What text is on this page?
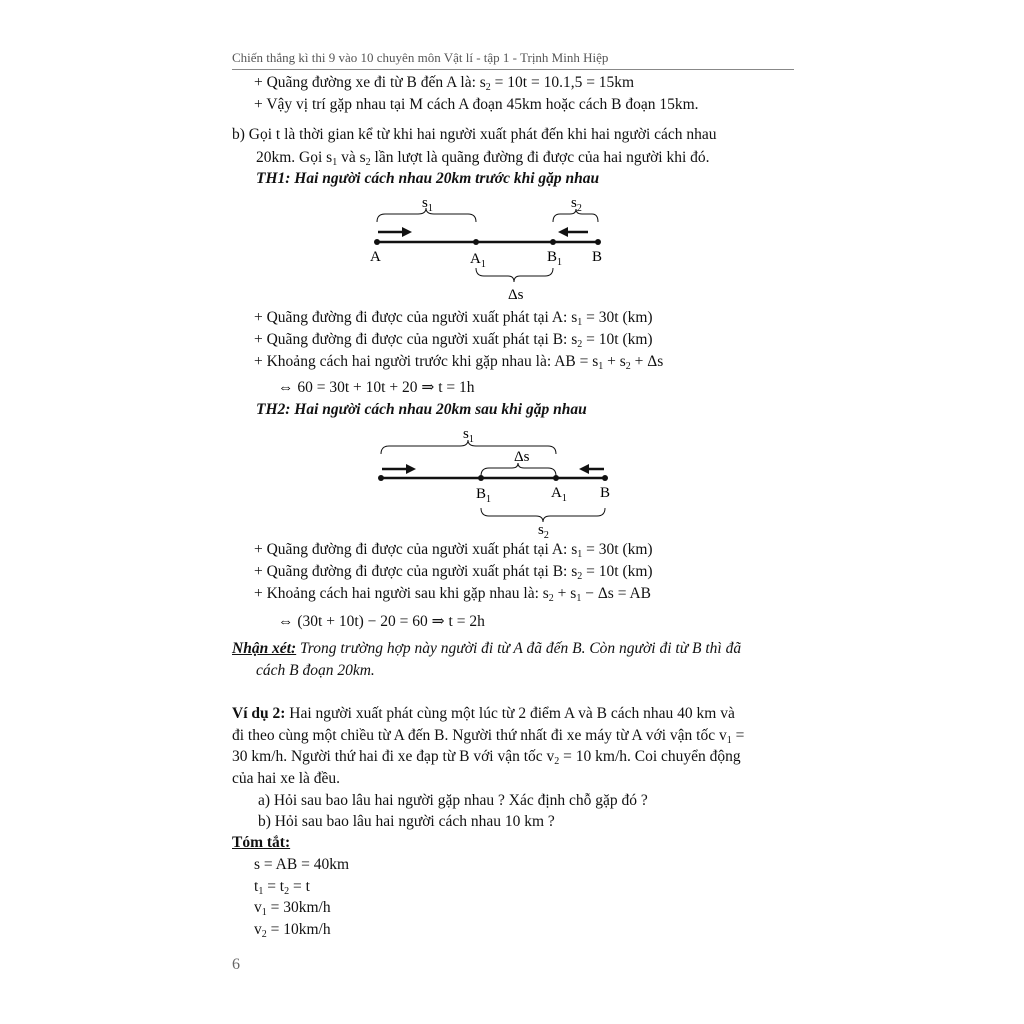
Chiến thắng kì thi 9 vào 10 chuyên môn Vật lí - tập 1 - Trịnh Minh Hiệp
+ Quãng đường xe đi từ B đến A là: $s_2 = 10t = 10.1,5 = 15km$
+ Vậy vị trí gặp nhau tại M cách A đoạn 45km hoặc cách B đoạn 15km.
b) Gọi t là thời gian kể từ khi hai người xuất phát đến khi hai người cách nhau
20km. Gọi $s_1$ và $s_2$ lần lượt là quãng đường đi được của hai người khi đó.
TH1: Hai người cách nhau 20km trước khi gặp nhau
$s_1$	$s_2$
A	$A_1$	$B_1$ B
Δs
+ Quãng đường đi được của người xuất phát tại A: $s_1 = 30t$ (km)
+ Quãng đường đi được của người xuất phát tại B: $s_2 = 10t$ (km)
+ Khoảng cách hai người trước khi gặp nhau là: AB = $s_1 + s_2 + \Delta s$
⇔ 60 = 30t + 10t + 20 ⇒ t = 1h
TH2: Hai người cách nhau 20km sau khi gặp nhau
$s_1$
Δs
$B_1$	$A_1$ B
$s_2$
+ Quãng đường đi được của người xuất phát tại A: $s_1 = 30t$ (km)
+ Quãng đường đi được của người xuất phát tại B: $s_2 = 10t$ (km)
+ Khoảng cách hai người sau khi gặp nhau là: $s_2 + s_1 - \Delta s$ = AB
⇔ (30t + 10t) − 20 = 60 ⇒ t = 2h
Nhận xét: Trong trường hợp này người đi từ A đã đến B. Còn người đi từ B thì đã
cách B đoạn 20km.
Ví dụ 2: Hai người xuất phát cùng một lúc từ 2 điểm A và B cách nhau 40 km và
đi theo cùng một chiều từ A đến B. Người thứ nhất đi xe máy từ A với vận tốc $v_1$ =
30 km/h. Người thứ hai đi xe đạp từ B với vận tốc $v_2 = 10$ km/h. Coi chuyển động
của hai xe là đều.
a) Hỏi sau bao lâu hai người gặp nhau ? Xác định chỗ gặp đó ?
b) Hỏi sau bao lâu hai người cách nhau 10 km ?
Tóm tắt:
s = AB = 40km
$t_1 = t_2 = t$
$v_1 = 30km/h$
$v_2 = 10km/h$
6
